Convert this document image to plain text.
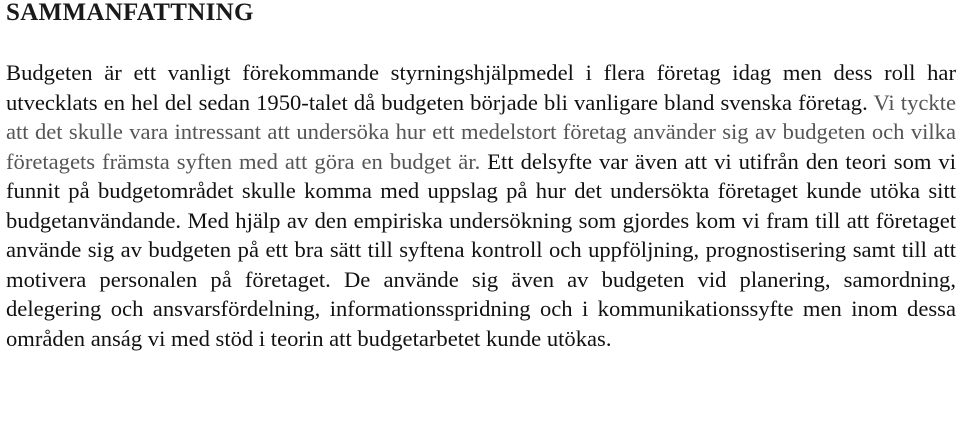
SAMMANFATTNING

Budgeten är ett vanligt förekommande styrningshjälpmedel i flera företag idag men dess roll har utvecklats en hel del sedan 1950-talet då budgeten började bli vanligare bland svenska företag. Vi tyckte att det skulle vara intressant att undersöka hur ett medelstort företag använder sig av budgeten och vilka företagets främsta syften med att göra en budget är. Ett delsyfte var även att vi utifrån den teori som vi funnit på budgetområdet skulle komma med uppslag på hur det undersökta företaget kunde utöka sitt budgetanvändande. Med hjälp av den empiriska undersökning som gjordes kom vi fram till att företaget använde sig av budgeten på ett bra sätt till syftena kontroll och uppföljning, prognostisering samt till att motivera personalen på företaget. De använde sig även av budgeten vid planering, samordning, delegering och ansvarsfördelning, informationsspridning och i kommunikationssyfte men inom dessa områden anság vi med stöd i teorin att budgetarbetet kunde utökas.
